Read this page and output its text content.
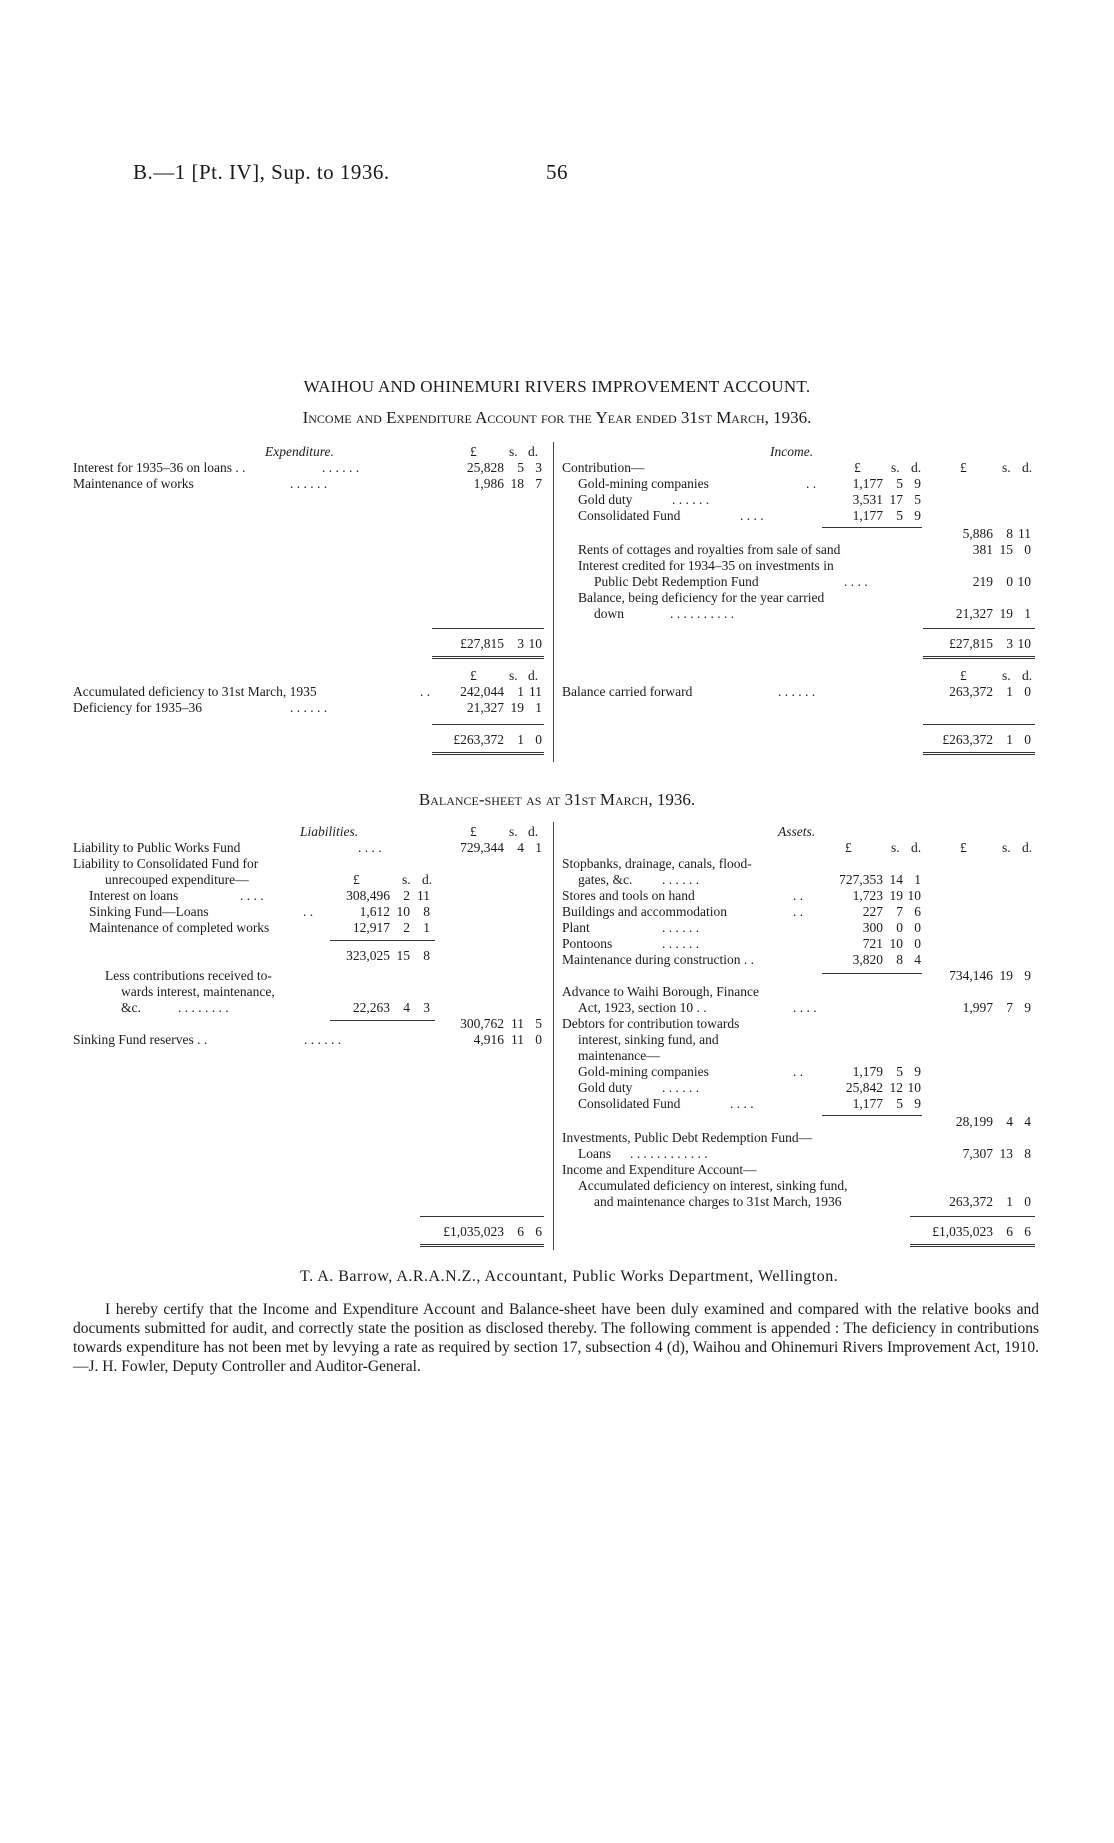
B.—1 [Pt. IV], Sup. to 1936.	56
WAIHOU AND OHINEMURI RIVERS IMPROVEMENT ACCOUNT.
Income and Expenditure Account for the Year ended 31st March, 1936.
Expenditure.	£ s. d.
Interest for 1935–36 on loans . .	. . . . . .	25,828 5 3
Maintenance of works	. . . . . .	1,986 18 7
Income.
Contribution—	£ s. d.	£	s. d.
Gold-mining companies	. .	1,177 5 9
Gold duty	. . . . . .	3,531 17 5
Consolidated Fund	. . . .	1,177 5 9
5,886 8 11
Rents of cottages and royalties from sale of sand	381 15 0
Interest credited for 1934–35 on investments in
Public Debt Redemption Fund	. . . .	219 0 10
Balance, being deficiency for the year carried
down	. . . . . . . . . .	21,327 19 1
£27,815 3 10	£27,815 3 10
£ s. d.	£	s. d.
Accumulated deficiency to 31st March, 1935	. .	242,044 1 11
Deficiency for 1935–36	. . . . . .	21,327 19 1
Balance carried forward	. . . . . .	263,372 1 0
£263,372 1 0	£263,372 1 0
Balance-sheet as at 31st March, 1936.
Liabilities.	£ s. d.
Liability to Public Works Fund	. . . .	729,344 4 1
Liability to Consolidated Fund for
unrecouped expenditure—	£	s. d.
Interest on loans	. . . .	308,496 2 11
Sinking Fund—Loans	. .	1,612 10 8
Maintenance of completed works	12,917 2 1
323,025 15 8
Less contributions received to-
wards interest, maintenance,
&c.	. . . . . . . .	22,263 4 3
300,762 11 5
Sinking Fund reserves . .	. . . . . .	4,916 11 0
Assets.
£	s. d.	£	s. d.
Stopbanks, drainage, canals, flood-
gates, &c. . . . . . .	727,353 14 1
Stores and tools on hand	. .	1,723 19 10
Buildings and accommodation	. .	227 7 6
Plant	. . . . . .	300 0 0
Pontoons	. . . . . .	721 10 0
Maintenance during construction . .	3,820 8 4
734,146 19 9
Advance to Waihi Borough, Finance
Act, 1923, section 10 . .	. . . .	1,997 7 9
Debtors for contribution towards
interest, sinking fund, and
maintenance—
Gold-mining companies	. .	1,179 5 9
Gold duty . . . . . .	25,842 12 10
Consolidated Fund	. . . .	1,177 5 9
28,199 4 4
Investments, Public Debt Redemption Fund—
Loans . . . . . . . . . . . .	7,307 13 8
Income and Expenditure Account—
Accumulated deficiency on interest, sinking fund,
and maintenance charges to 31st March, 1936	263,372 1 0
£1,035,023 6 6	£1,035,023 6 6
T. A. Barrow, A.R.A.N.Z., Accountant, Public Works Department, Wellington.
I hereby certify that the Income and Expenditure Account and Balance-sheet have been duly examined and compared with the relative books and documents submitted for audit, and correctly state the position as disclosed thereby. The following comment is appended : The deficiency in contributions towards expenditure has not been met by levying a rate as required by section 17, subsection 4 (d), Waihou and Ohinemuri Rivers Improvement Act, 1910.—J. H. Fowler, Deputy Controller and Auditor-General.
